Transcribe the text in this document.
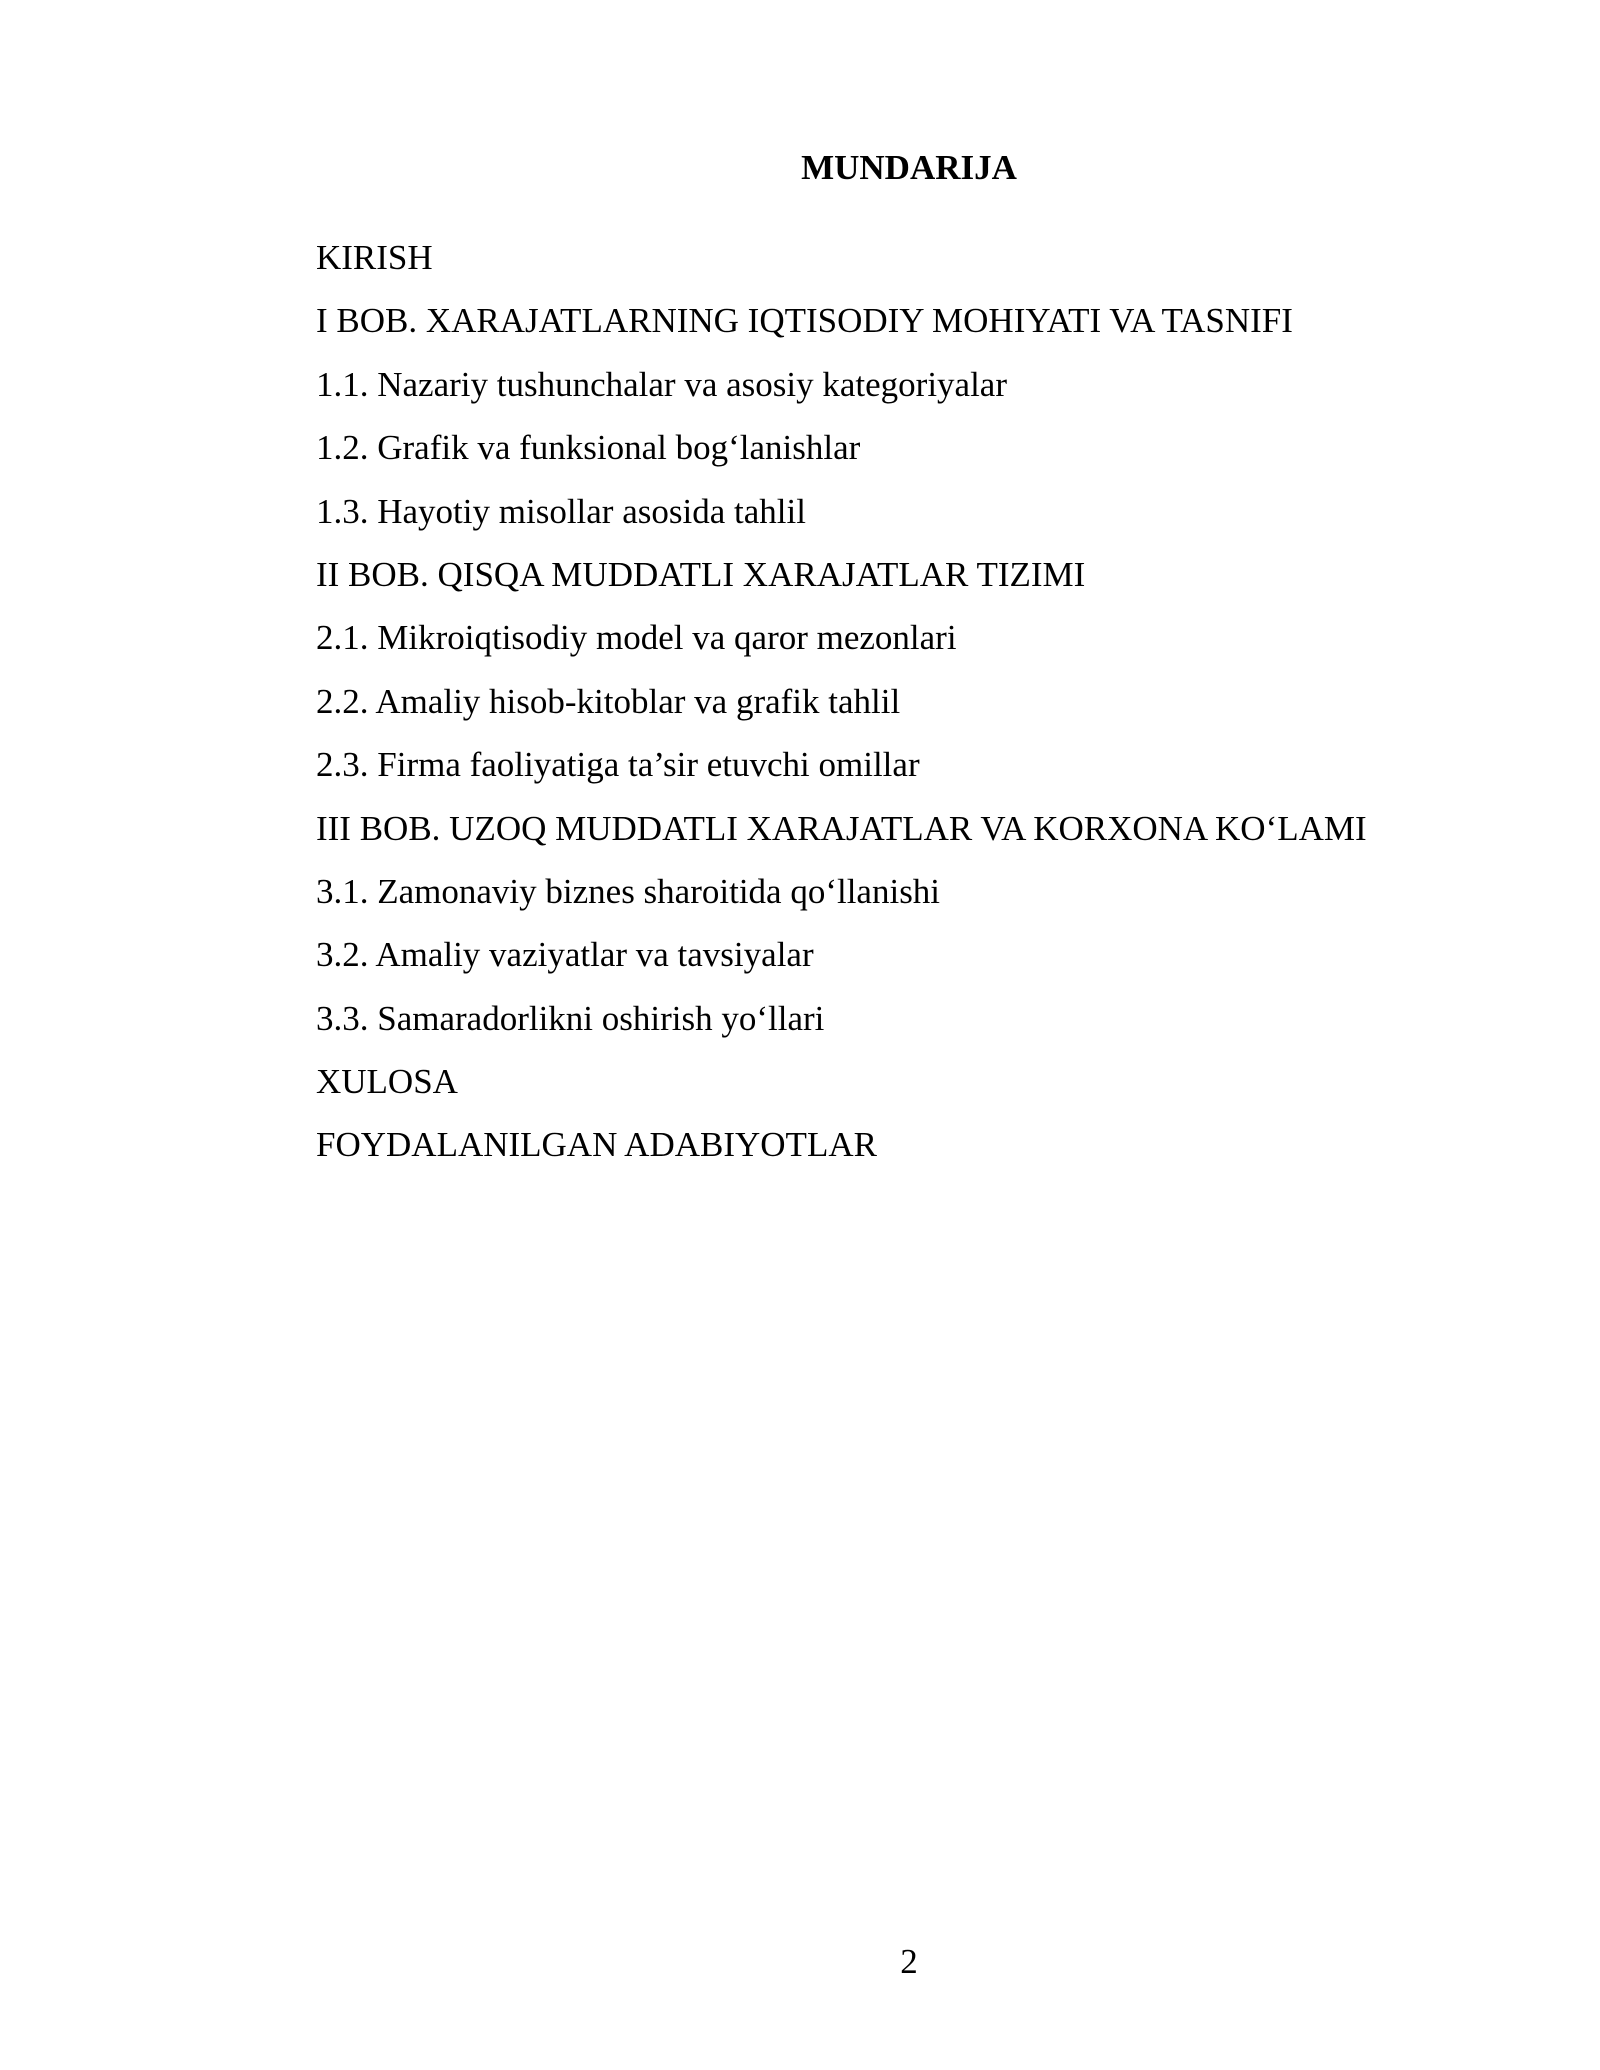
MUNDARIJA
KIRISH
I BOB. XARAJATLARNING IQTISODIY MOHIYATI VA TASNIFI
1.1. Nazariy tushunchalar va asosiy kategoriyalar
1.2. Grafik va funksional bog‘lanishlar
1.3. Hayotiy misollar asosida tahlil
II BOB. QISQA MUDDATLI XARAJATLAR TIZIMI
2.1. Mikroiqtisodiy model va qaror mezonlari
2.2. Amaliy hisob-kitoblar va grafik tahlil
2.3. Firma faoliyatiga ta’sir etuvchi omillar
III BOB. UZOQ MUDDATLI XARAJATLAR VA KORXONA KO‘LAMI
3.1. Zamonaviy biznes sharoitida qo‘llanishi
3.2. Amaliy vaziyatlar va tavsiyalar
3.3. Samaradorlikni oshirish yo‘llari
XULOSA
FOYDALANILGAN ADABIYOTLAR
2
